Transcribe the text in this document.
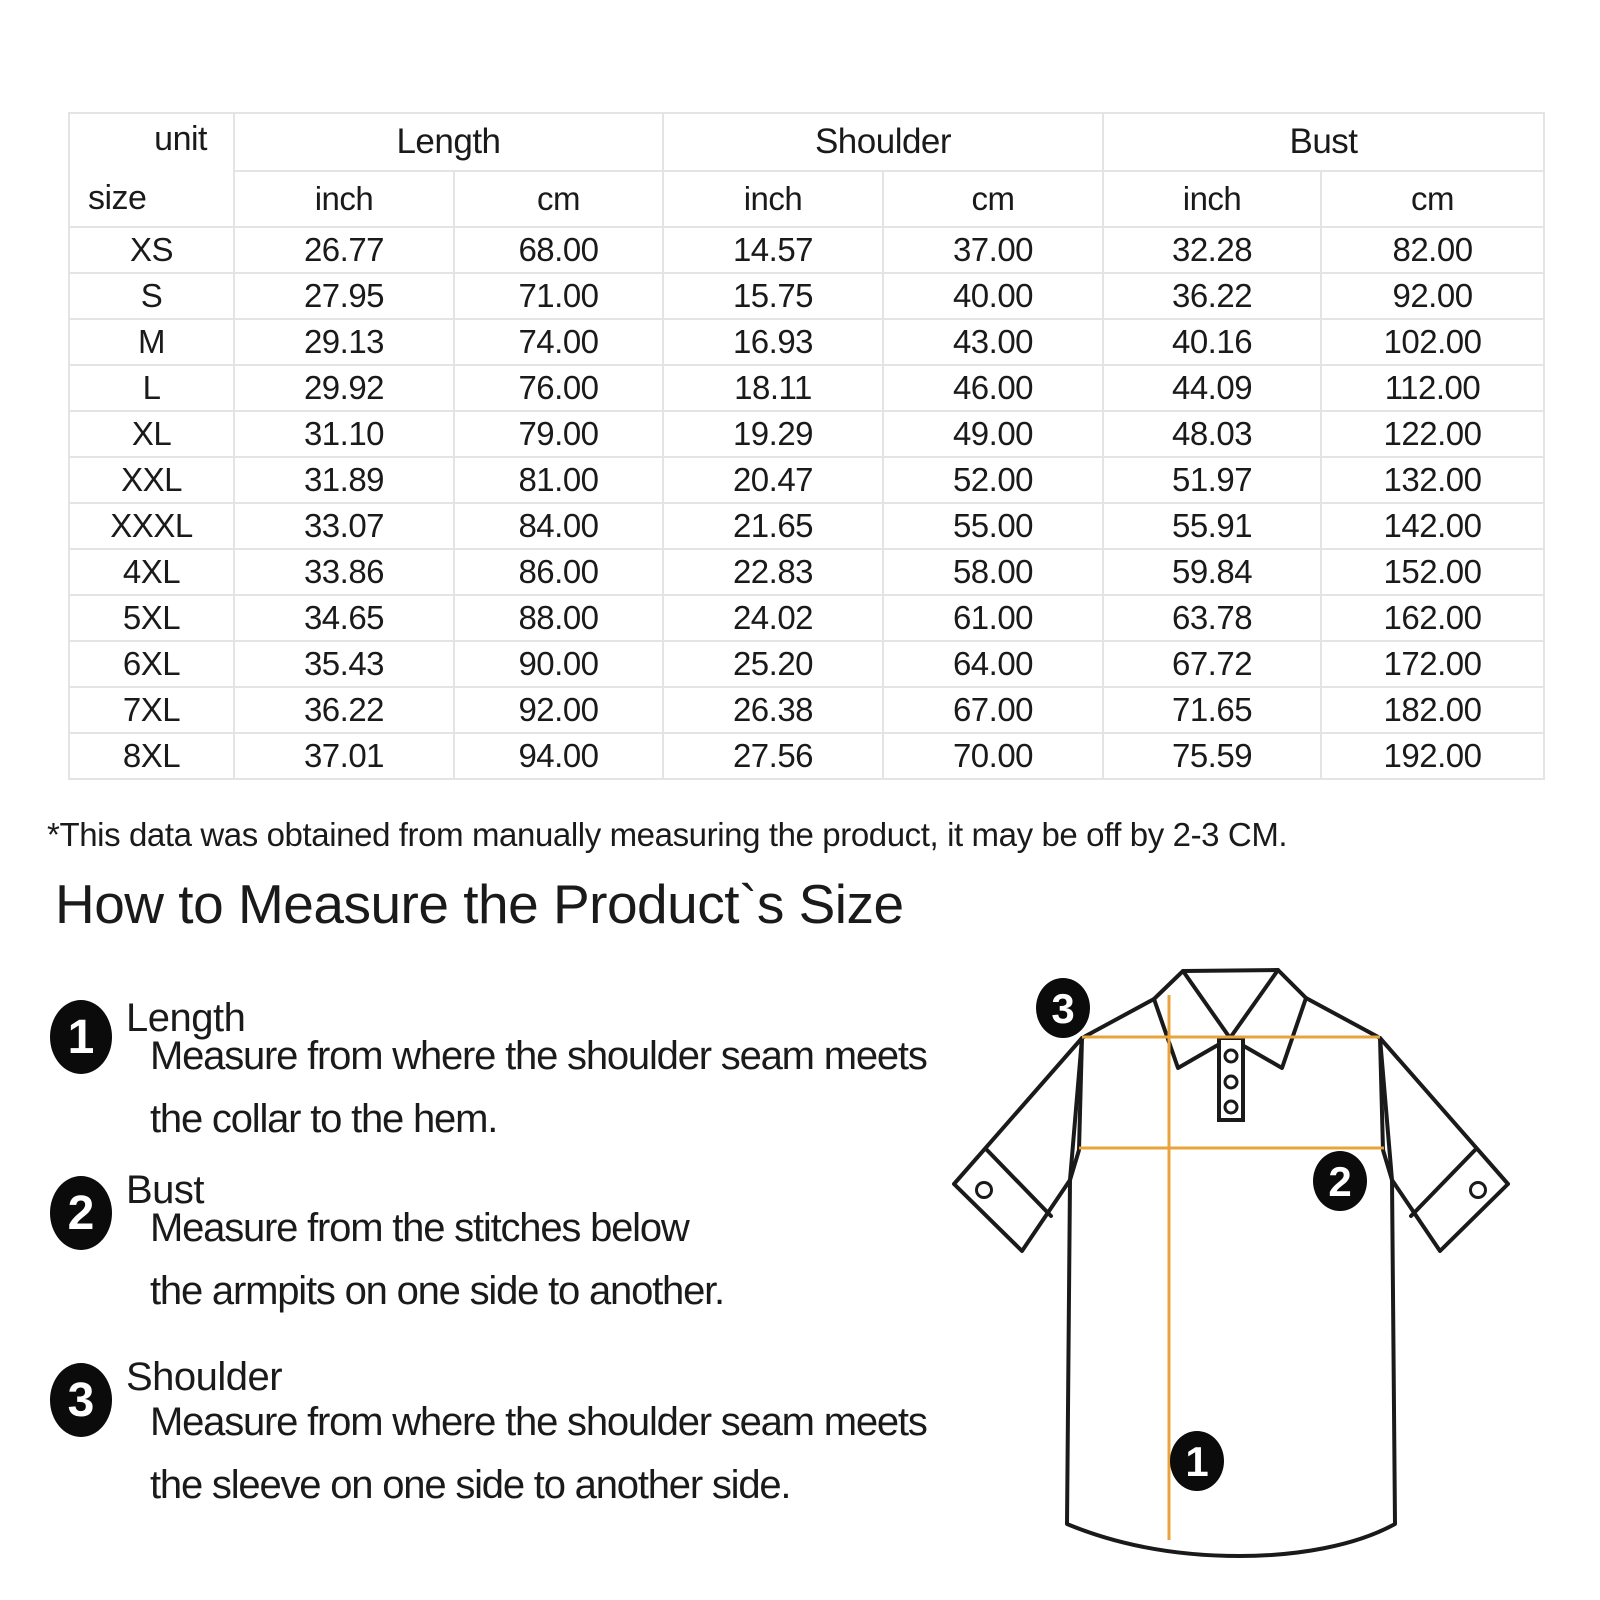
unit
size	Length		Shoulder		Bust	
	inch	cm	inch	cm	inch	cm
XS	26.77	68.00	14.57	37.00	32.28	82.00
S	27.95	71.00	15.75	40.00	36.22	92.00
M	29.13	74.00	16.93	43.00	40.16	102.00
L	29.92	76.00	18.11	46.00	44.09	112.00
XL	31.10	79.00	19.29	49.00	48.03	122.00
XXL	31.89	81.00	20.47	52.00	51.97	132.00
XXXL	33.07	84.00	21.65	55.00	55.91	142.00
4XL	33.86	86.00	22.83	58.00	59.84	152.00
5XL	34.65	88.00	24.02	61.00	63.78	162.00
6XL	35.43	90.00	25.20	64.00	67.72	172.00
7XL	36.22	92.00	26.38	67.00	71.65	182.00
8XL	37.01	94.00	27.56	70.00	75.59	192.00
*This data was obtained from manually measuring the product, it may be off by 2-3 CM.
How to Measure the Product`s Size
1 Length
Measure from where the shoulder seam meets
the collar to the hem.
2 Bust
Measure from the stitches below
the armpits on one side to another.
3 Shoulder
Measure from where the shoulder seam meets
the sleeve on one side to another side.
3
2
1
